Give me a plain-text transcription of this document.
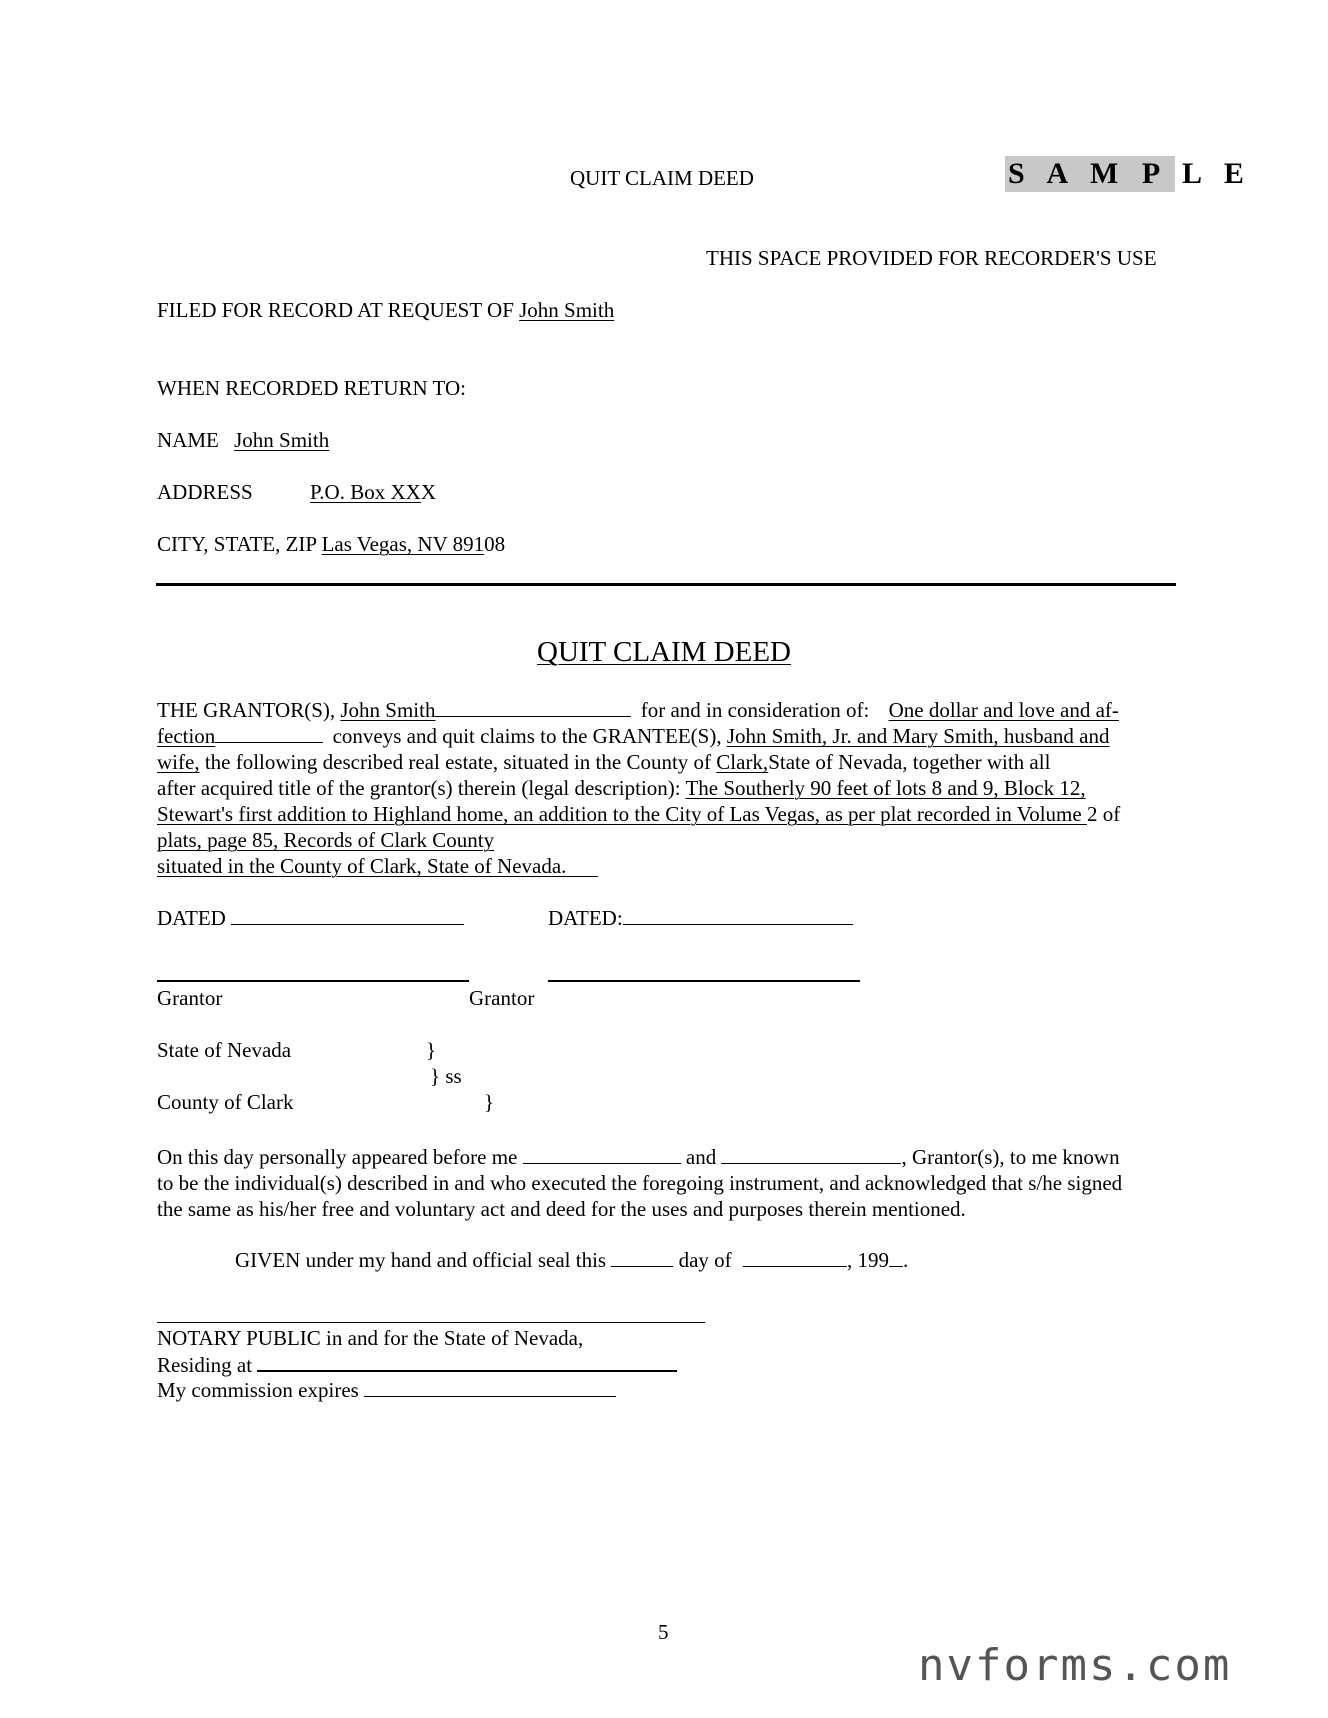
QUIT CLAIM DEED	S A M P L E
THIS SPACE PROVIDED FOR RECORDER'S USE
FILED FOR RECORD AT REQUEST OF John Smith
WHEN RECORDED RETURN TO:
NAME John Smith
ADDRESS	P.O. Box XXX
CITY, STATE, ZIP Las Vegas, NV 89108
QUIT CLAIM DEED
THE GRANTOR(S), John Smith	for and in consideration of: One dollar and love and af-
fection	conveys and quit claims to the GRANTEE(S), John Smith, Jr. and Mary Smith, husband and
wife, the following described real estate, situated in the County of Clark,State of Nevada, together with all
after acquired title of the grantor(s) therein (legal description): The Southerly 90 feet of lots 8 and 9, Block 12,
Stewart's first addition to Highland home, an addition to the City of Las Vegas, as per plat recorded in Volume 2 of
plats, page 85, Records of Clark County
situated in the County of Clark, State of Nevada.
DATED	DATED:
Grantor	Grantor
State of Nevada	}
} ss
County of Clark	}
On this day personally appeared before me	and	, Grantor(s), to me known
to be the individual(s) described in and who executed the foregoing instrument, and acknowledged that s/he signed
the same as his/her free and voluntary act and deed for the uses and purposes therein mentioned.
GIVEN under my hand and official seal this	day of	, 199 .
NOTARY PUBLIC in and for the State of Nevada,
Residing at
My commission expires
5
nvforms.com
